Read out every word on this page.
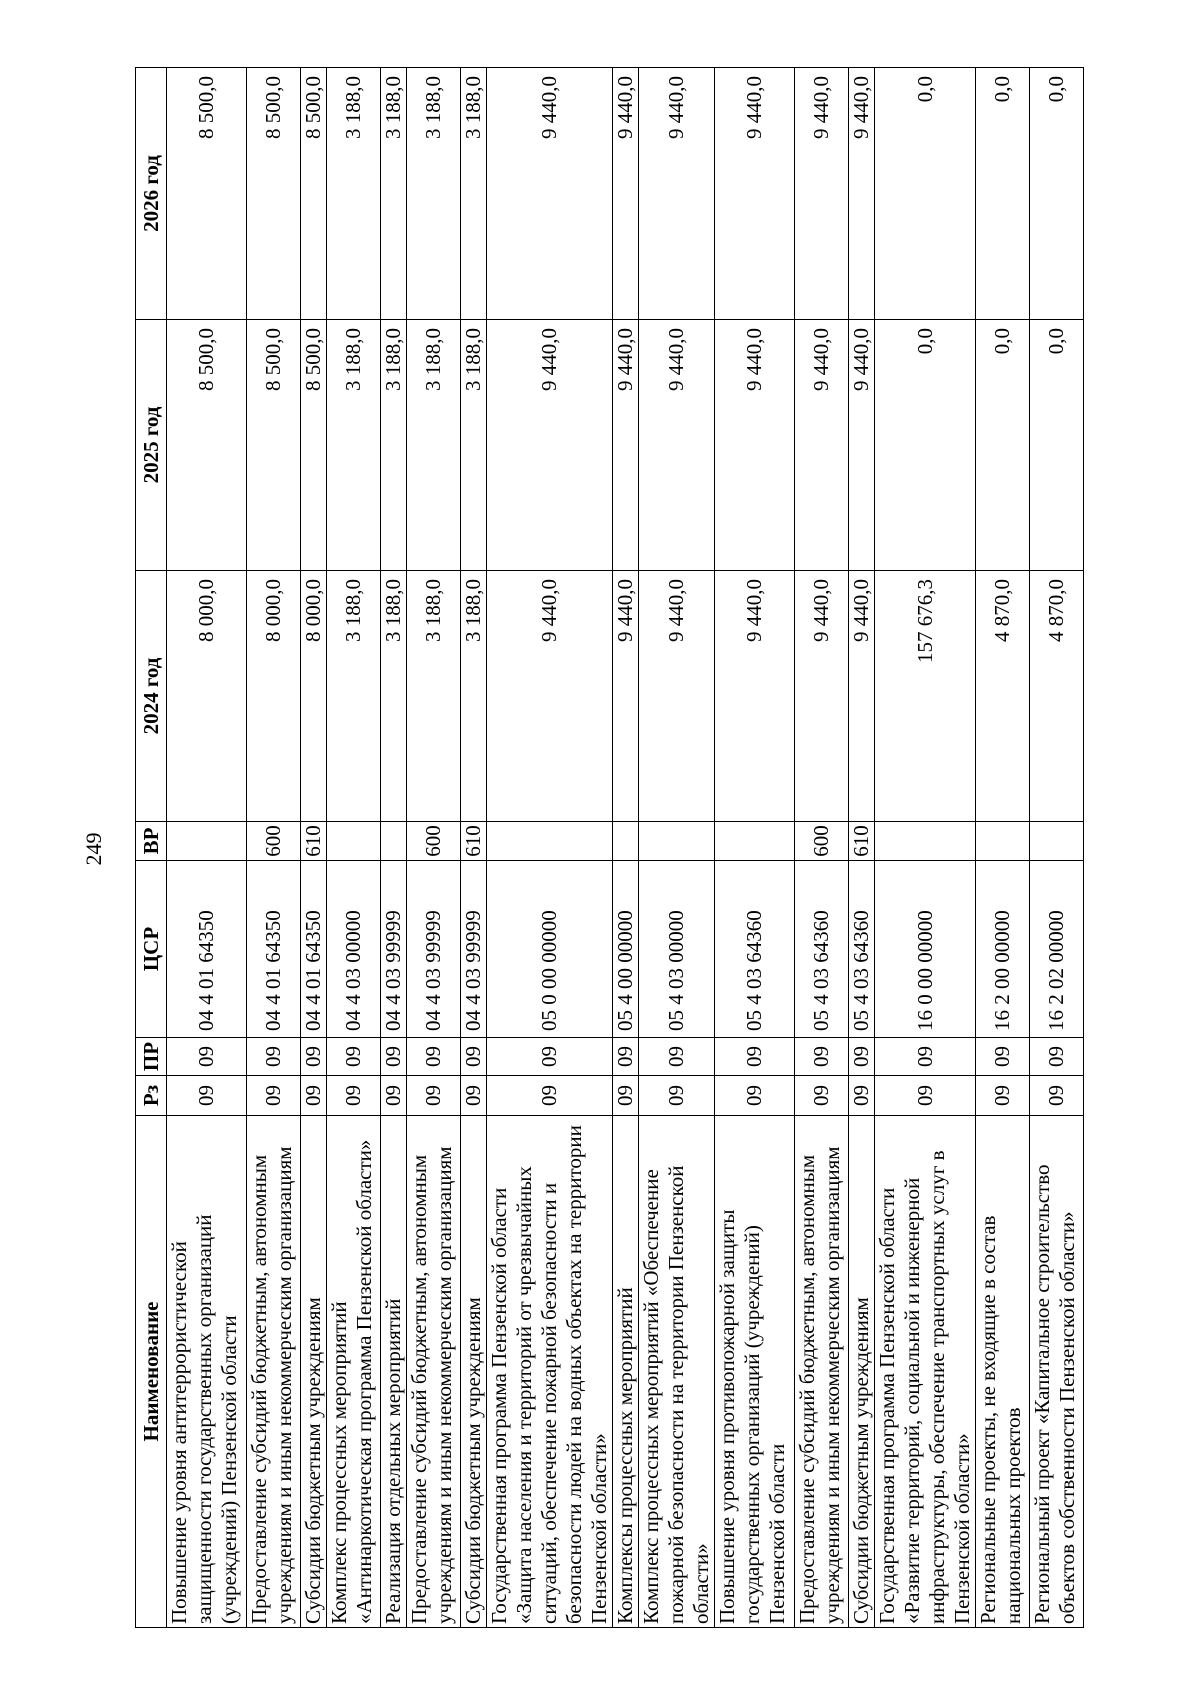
249
Наименование	Рз	ПР	ЦСР	ВР	2024 год	2025 год	2026 год
Повышение уровня антитеррористической защищенности государственных организаций (учреждений) Пензенской области	09	09	04 4 01 64350		8 000,0	8 500,0	8 500,0
Предоставление субсидий бюджетным, автономным учреждениям и иным некоммерческим организациям	09	09	04 4 01 64350	600	8 000,0	8 500,0	8 500,0
Субсидии бюджетным учреждениям	09	09	04 4 01 64350	610	8 000,0	8 500,0	8 500,0
Комплекс процессных мероприятий «Антинаркотическая программа Пензенской области»	09	09	04 4 03 00000		3 188,0	3 188,0	3 188,0
Реализация отдельных мероприятий	09	09	04 4 03 99999		3 188,0	3 188,0	3 188,0
Предоставление субсидий бюджетным, автономным учреждениям и иным некоммерческим организациям	09	09	04 4 03 99999	600	3 188,0	3 188,0	3 188,0
Субсидии бюджетным учреждениям	09	09	04 4 03 99999	610	3 188,0	3 188,0	3 188,0
Государственная программа Пензенской области «Защита населения и территорий от чрезвычайных ситуаций, обеспечение пожарной безопасности и безопасности людей на водных объектах на территории Пензенской области»	09	09	05 0 00 00000		9 440,0	9 440,0	9 440,0
Комплексы процессных мероприятий	09	09	05 4 00 00000		9 440,0	9 440,0	9 440,0
Комплекс процессных мероприятий «Обеспечение пожарной безопасности на территории Пензенской области»	09	09	05 4 03 00000		9 440,0	9 440,0	9 440,0
Повышение уровня противопожарной защиты государственных организаций (учреждений) Пензенской области	09	09	05 4 03 64360		9 440,0	9 440,0	9 440,0
Предоставление субсидий бюджетным, автономным учреждениям и иным некоммерческим организациям	09	09	05 4 03 64360	600	9 440,0	9 440,0	9 440,0
Субсидии бюджетным учреждениям	09	09	05 4 03 64360	610	9 440,0	9 440,0	9 440,0
Государственная программа Пензенской области «Развитие территорий, социальной и инженерной инфраструктуры, обеспечение транспортных услуг в Пензенской области»	09	09	16 0 00 00000		157 676,3	0,0	0,0
Региональные проекты, не входящие в состав национальных проектов	09	09	16 2 00 00000		4 870,0	0,0	0,0
Региональный проект «Капитальное строительство объектов собственности Пензенской области»	09	09	16 2 02 00000		4 870,0	0,0	0,0
